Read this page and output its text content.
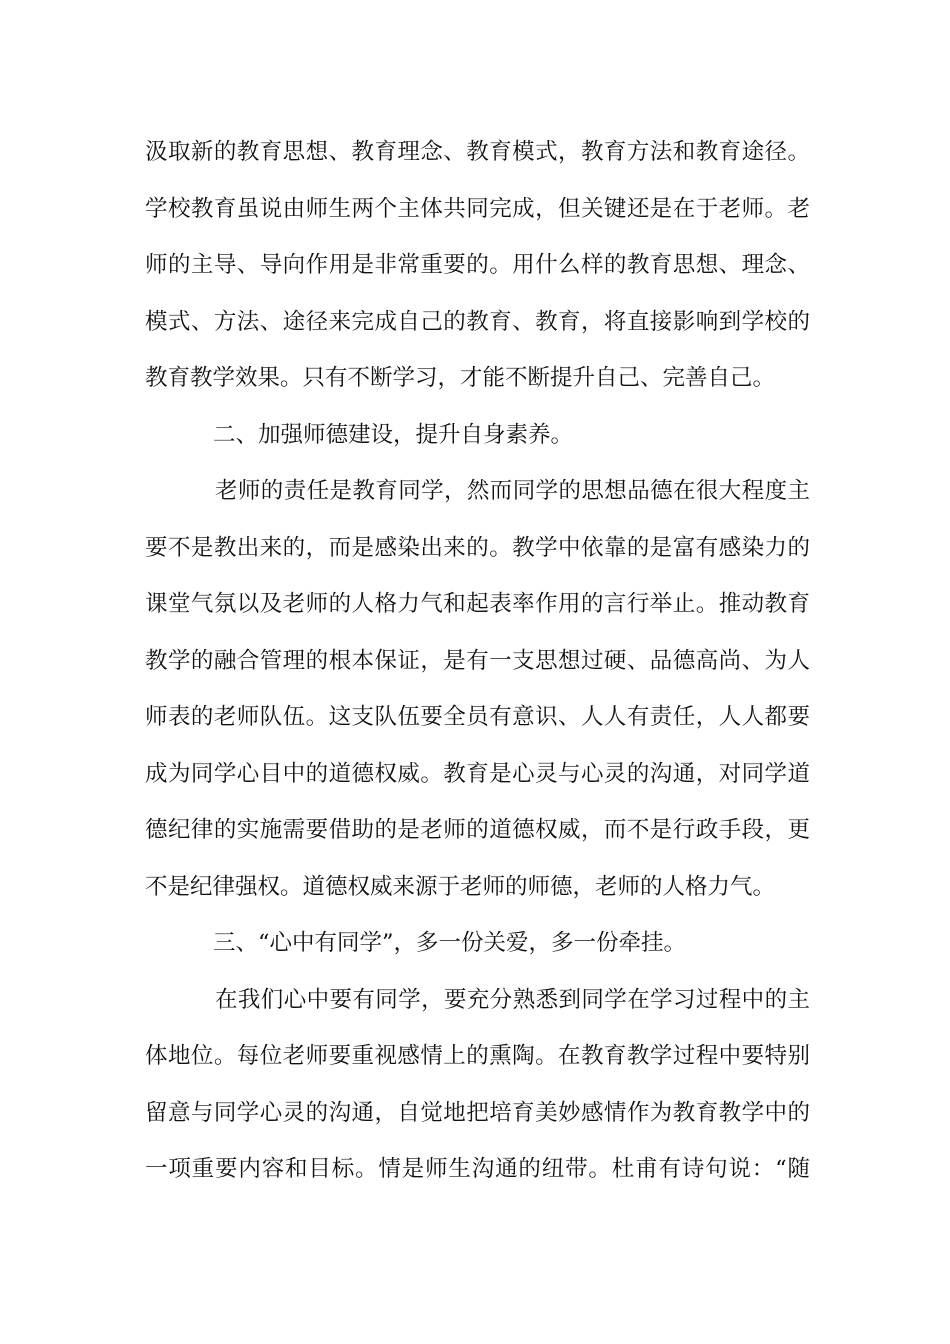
汲取新的教育思想、教育理念、教育模式，教育方法和教育途径。
学校教育虽说由师生两个主体共同完成，但关键还是在于老师。老
师的主导、导向作用是非常重要的。用什么样的教育思想、理念、
模式、方法、途径来完成自己的教育、教育，将直接影响到学校的
教育教学效果。只有不断学习，才能不断提升自己、完善自己。
二、加强师德建设，提升自身素养。
老师的责任是教育同学，然而同学的思想品德在很大程度主
要不是教出来的，而是感染出来的。教学中依靠的是富有感染力的
课堂气氛以及老师的人格力气和起表率作用的言行举止。推动教育
教学的融合管理的根本保证，是有一支思想过硬、品德高尚、为人
师表的老师队伍。这支队伍要全员有意识、人人有责任，人人都要
成为同学心目中的道德权威。教育是心灵与心灵的沟通，对同学道
德纪律的实施需要借助的是老师的道德权威，而不是行政手段，更
不是纪律强权。道德权威来源于老师的师德，老师的人格力气。
三、“心中有同学”，多一份关爱，多一份牵挂。
在我们心中要有同学，要充分熟悉到同学在学习过程中的主
体地位。每位老师要重视感情上的熏陶。在教育教学过程中要特别
留意与同学心灵的沟通，自觉地把培育美妙感情作为教育教学中的
一项重要内容和目标。情是师生沟通的纽带。杜甫有诗句说：“随
